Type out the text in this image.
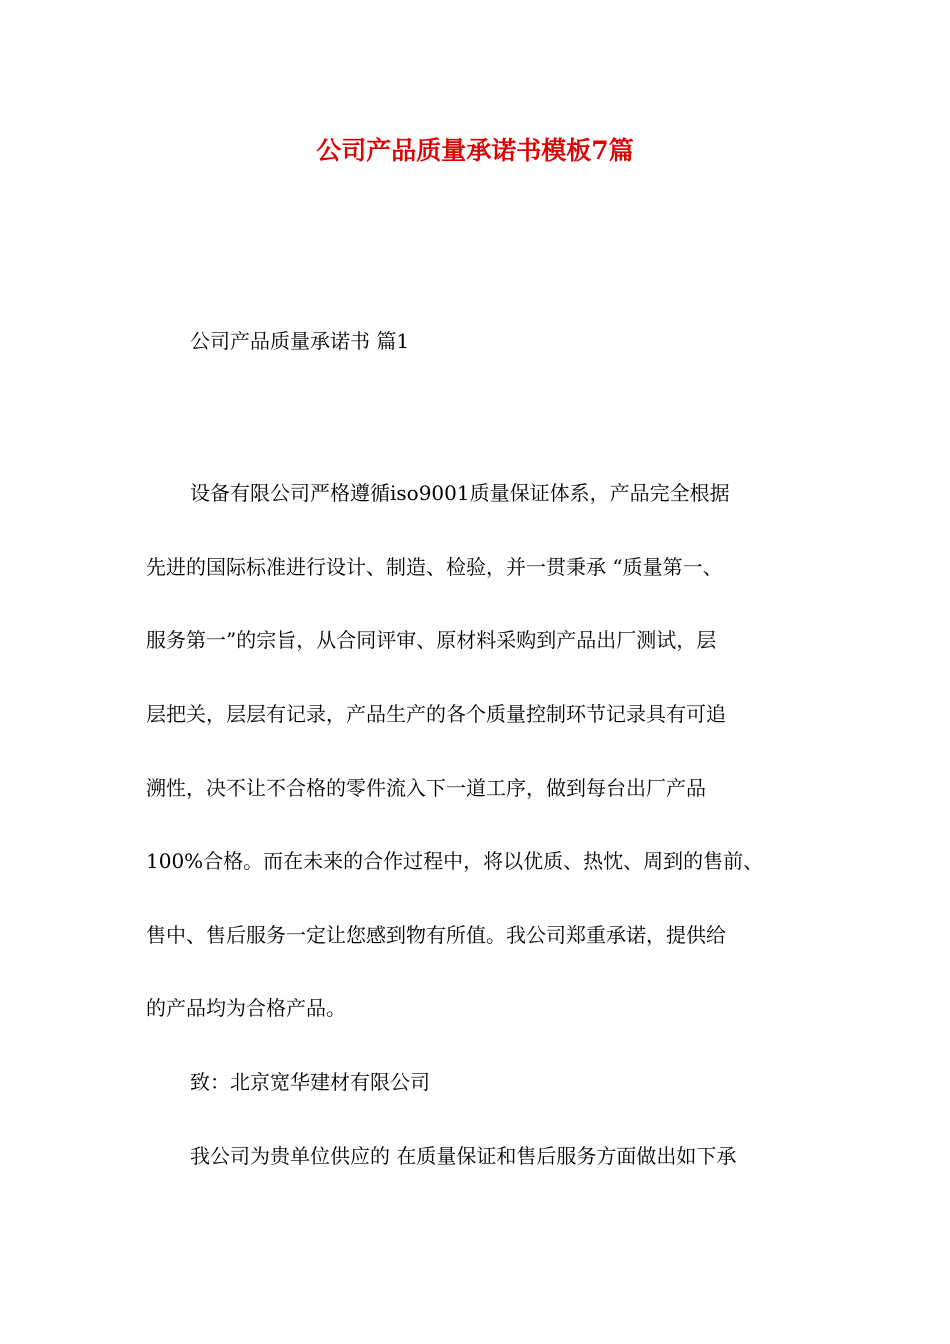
公司产品质量承诺书模板7篇
公司产品质量承诺书 篇1
设备有限公司严格遵循iso9001质量保证体系，产品完全根据
先进的国际标准进行设计、制造、检验，并一贯秉承 “质量第一、
服务第一”的宗旨，从合同评审、原材料采购到产品出厂测试，层
层把关，层层有记录，产品生产的各个质量控制环节记录具有可追
溯性，决不让不合格的零件流入下一道工序，做到每台出厂产品
100%合格。而在未来的合作过程中，将以优质、热忱、周到的售前、
售中、售后服务一定让您感到物有所值。我公司郑重承诺，提供给
的产品均为合格产品。
致：北京宽华建材有限公司
我公司为贵单位供应的 在质量保证和售后服务方面做出如下承
